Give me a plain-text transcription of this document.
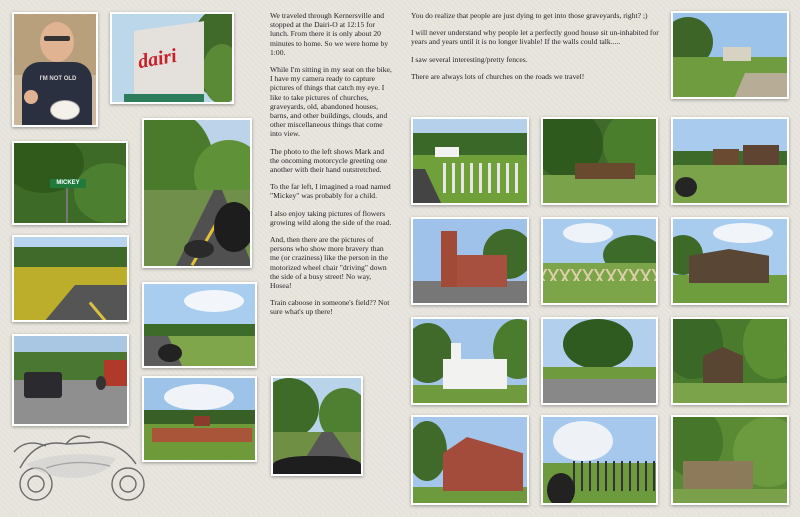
I'M NOT OLD
dairi
MICKEY

We traveled through Kernersville and stopped at the Dairi-O at 12:15 for lunch. From there it is only about 20 minutes to home. So we were home by 1:00.

While I'm sitting in my seat on the bike, I have my camera ready to capture pictures of things that catch my eye. I like to take pictures of churches, graveyards, old, abandoned houses, barns, and other buildings, clouds, and other miscellaneous things that come into view.

The photo to the left shows Mark and the oncoming motorcycle greeting one another with their hand outstretched.

To the far left, I imagined a road named "Mickey" was probably for a child.

I also enjoy taking pictures of flowers growing wild along the side of the road.

And, then there are the pictures of persons who show more bravery than me (or craziness) like the person in the motorized wheel chair "driving" down the side of a busy street! No way, Hosea!

Train caboose in someone's field?? Not sure what's up there!

You do realize that people are just dying to get into those graveyards, right? ;)

I will never understand why people let a perfectly good house sit un-inhabited for years and years until it is no longer livable! If the walls could talk.....

I saw several interesting/pretty fences.

There are always lots of churches on the roads we travel!
